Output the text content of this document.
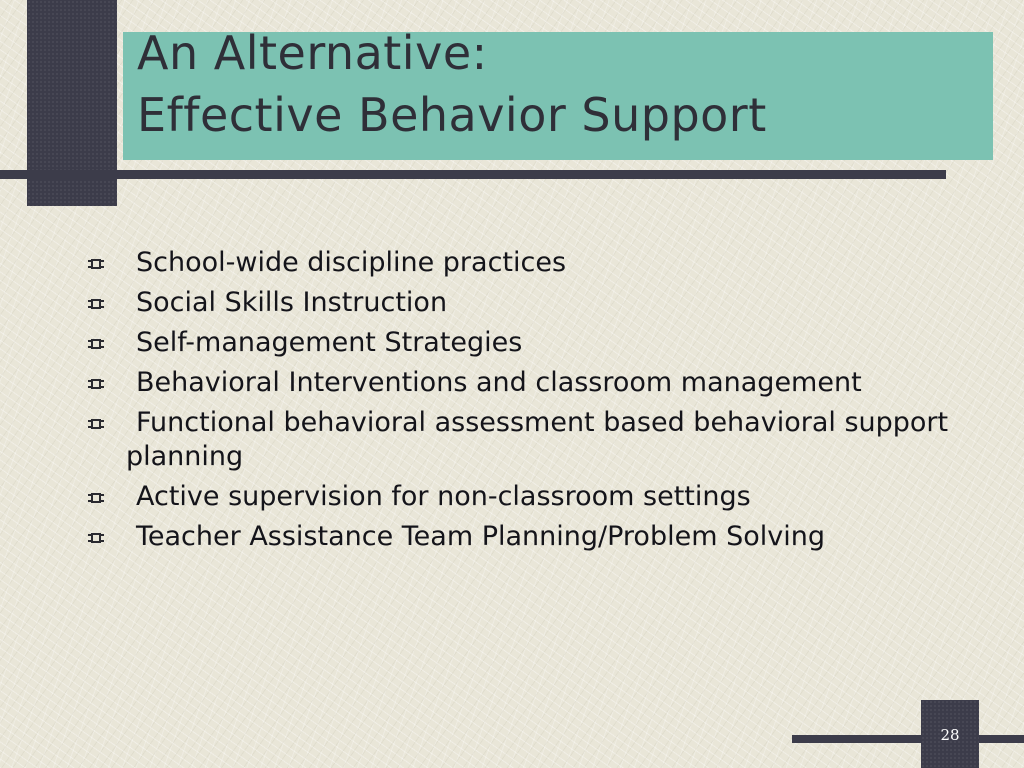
An Alternative:
Effective Behavior Support
School-wide discipline practices
Social Skills Instruction
Self-management Strategies
Behavioral Interventions and classroom management
Functional behavioral assessment based behavioral support planning
Active supervision for non-classroom settings
Teacher Assistance Team Planning/Problem Solving
28
